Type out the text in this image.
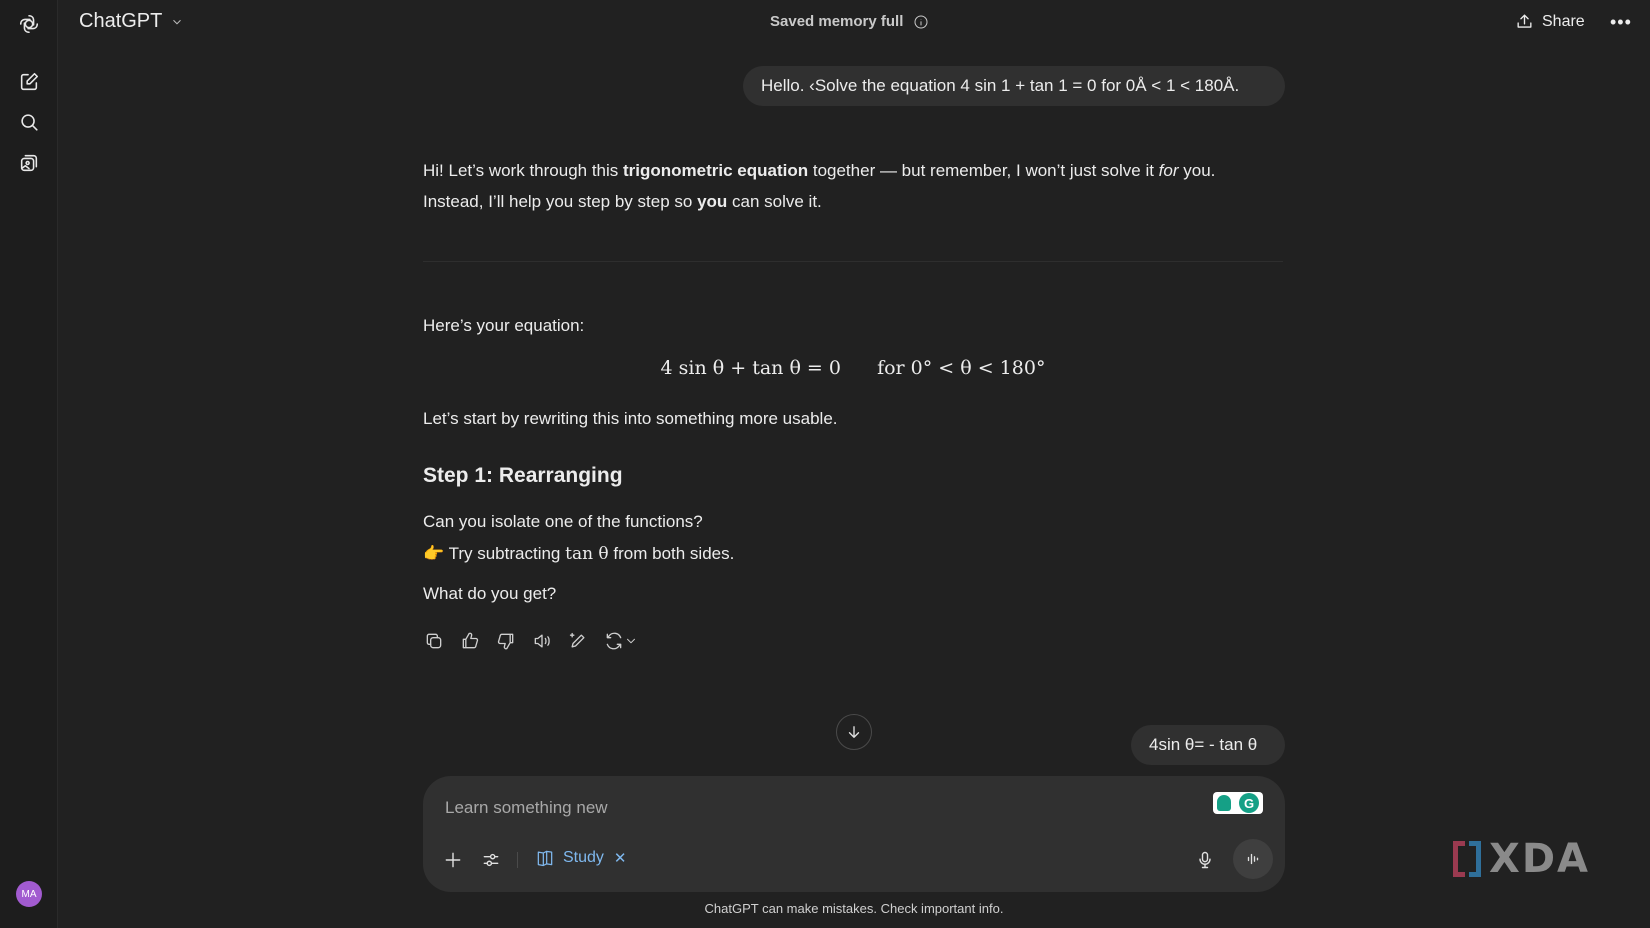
MA
ChatGPT	Saved memory full	Share •••
Hello. ‹Solve the equation 4 sin 1 + tan 1 = 0 for 0Å < 1 < 180Å.

Hi! Let’s work through this trigonometric equation together — but remember, I won’t just solve it for you.

Instead, I’ll help you step by step so you can solve it.

Here’s your equation:
4 sin θ + tan θ = 0 for 0° < θ < 180°
Let’s start by rewriting this into something more usable.
Step 1: Rearranging
Can you isolate one of the functions?
👉 Try subtracting tan θ from both sides.
What do you get?
4sin θ= - tan θ
Learn something new
G
Study ✕
ChatGPT can make mistakes. Check important info.
XDA
